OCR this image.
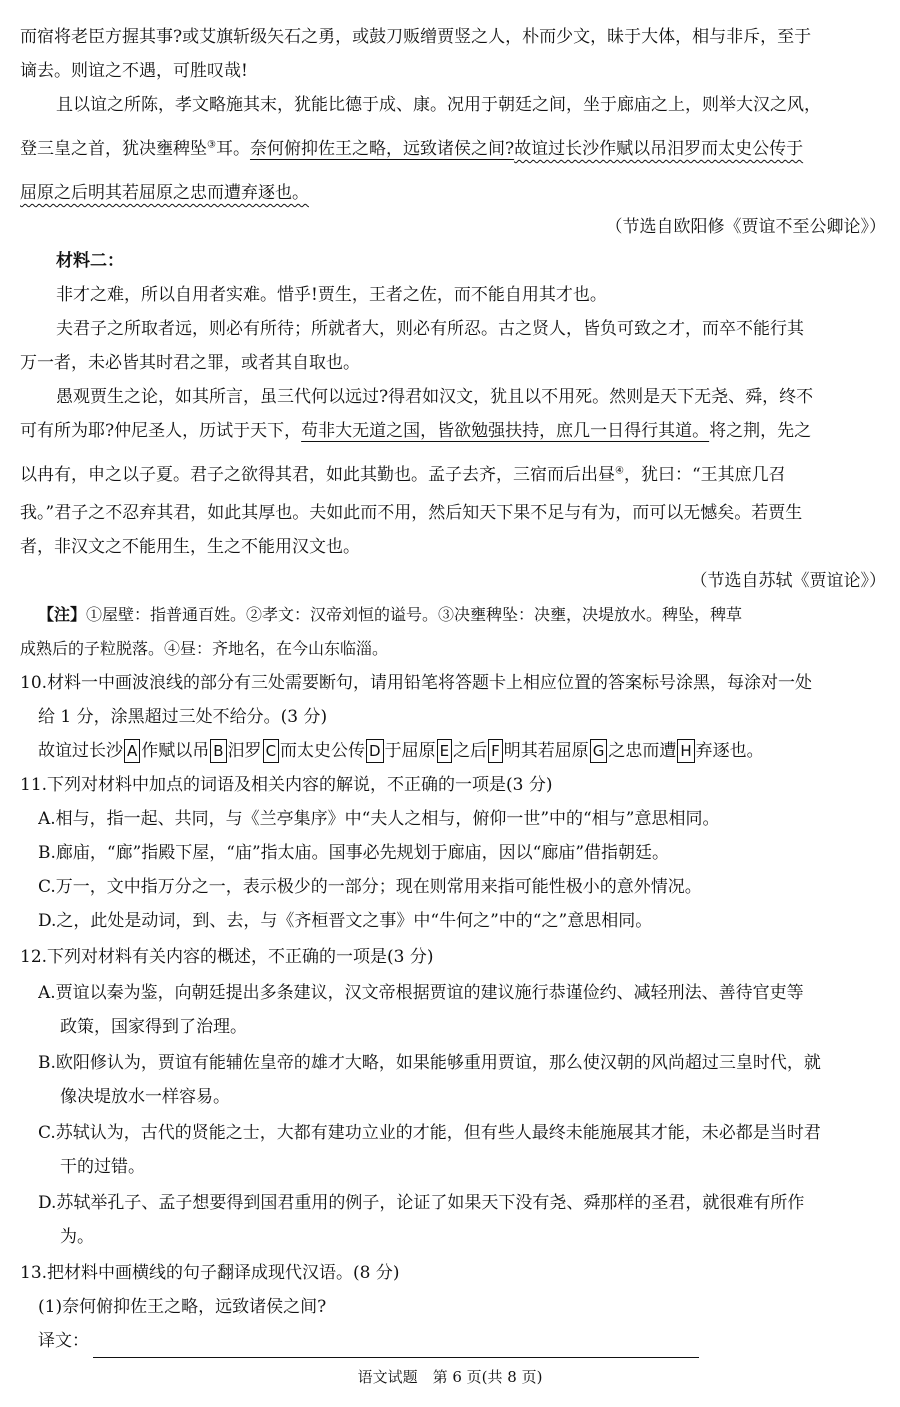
而宿将老臣方握其事?或艾旗斩级矢石之勇，或鼓刀贩缯贾竖之人，朴而少文，昧于大体，相与非斥，至于
谪去。则谊之不遇，可胜叹哉!
且以谊之所陈，孝文略施其末，犹能比德于成、康。况用于朝廷之间，坐于廊庙之上，则举大汉之风，
登三皇之首，犹决壅稗坠③耳。奈何俯抑佐王之略，远致诸侯之间?故谊过长沙作赋以吊汨罗而太史公传于
屈原之后明其若屈原之忠而遭弃逐也。
（节选自欧阳修《贾谊不至公卿论》）
材料二：
非才之难，所以自用者实难。惜乎!贾生，王者之佐，而不能自用其才也。
夫君子之所取者远，则必有所待；所就者大，则必有所忍。古之贤人，皆负可致之才，而卒不能行其
万一者，未必皆其时君之罪，或者其自取也。
愚观贾生之论，如其所言，虽三代何以远过?得君如汉文，犹且以不用死。然则是天下无尧、舜，终不
可有所为耶?仲尼圣人，历试于天下，苟非大无道之国，皆欲勉强扶持，庶几一日得行其道。将之荆，先之
以冉有，申之以子夏。君子之欲得其君，如此其勤也。孟子去齐，三宿而后出昼④，犹曰：“王其庶几召
我。”君子之不忍弃其君，如此其厚也。夫如此而不用，然后知天下果不足与有为，而可以无憾矣。若贾生
者，非汉文之不能用生，生之不能用汉文也。
（节选自苏轼《贾谊论》）
【注】①屋壁：指普通百姓。②孝文：汉帝刘恒的谥号。③决壅稗坠：决壅，决堤放水。稗坠，稗草
成熟后的子粒脱落。④昼：齐地名，在今山东临淄。
10.材料一中画波浪线的部分有三处需要断句，请用铅笔将答题卡上相应位置的答案标号涂黑，每涂对一处
给 1 分，涂黑超过三处不给分。(3 分)
故谊过长沙 A 作赋以吊 B 汨罗 C 而太史公传 D 于屈原 E 之后 F 明其若屈原 G 之忠而遭 H 弃逐也。
11.下列对材料中加点的词语及相关内容的解说，不正确的一项是(3 分)
A.相与，指一起、共同，与《兰亭集序》中“夫人之相与，俯仰一世”中的“相与”意思相同。
B.廊庙，“廊”指殿下屋，“庙”指太庙。国事必先规划于廊庙，因以“廊庙”借指朝廷。
C.万一，文中指万分之一，表示极少的一部分；现在则常用来指可能性极小的意外情况。
D.之，此处是动词，到、去，与《齐桓晋文之事》中“牛何之”中的“之”意思相同。
12.下列对材料有关内容的概述，不正确的一项是(3 分)
A.贾谊以秦为鉴，向朝廷提出多条建议，汉文帝根据贾谊的建议施行恭谨俭约、减轻刑法、善待官吏等
政策，国家得到了治理。
B.欧阳修认为，贾谊有能辅佐皇帝的雄才大略，如果能够重用贾谊，那么使汉朝的风尚超过三皇时代，就
像决堤放水一样容易。
C.苏轼认为，古代的贤能之士，大都有建功立业的才能，但有些人最终未能施展其才能，未必都是当时君
干的过错。
D.苏轼举孔子、孟子想要得到国君重用的例子，论证了如果天下没有尧、舜那样的圣君，就很难有所作
为。
13.把材料中画横线的句子翻译成现代汉语。(8 分)
(1)奈何俯抑佐王之略，远致诸侯之间?
译文：
语文试题　第 6 页(共 8 页)
